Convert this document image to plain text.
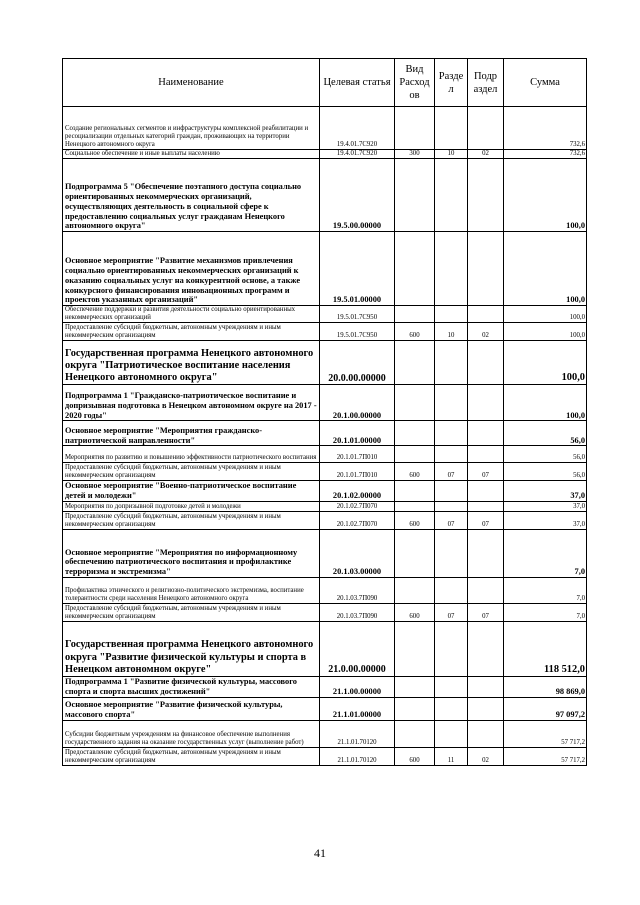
Наименование	Целевая статья	Вид Расход ов	Разде л	Подр аздел	Сумма
Создание региональных сегментов и инфраструктуры комплексной реабилитации и ресоциализации отдельных категорий граждан, проживающих на территории Ненецкого автономного округа	19.4.01.7С920				732,6
Социальное обеспечение и иные выплаты населению	19.4.01.7С920	300	10	02	732,6
Подпрограмма 5 "Обеспечение поэтапного доступа социально ориентированных некоммерческих организаций, осуществляющих деятельность в социальной сфере к предоставлению социальных услуг гражданам Ненецкого автономного округа"	19.5.00.00000				100,0
Основное мероприятие "Развитие механизмов привлечения социально ориентированных некоммерческих организаций к оказанию социальных услуг на конкурентной основе, а также конкурсного финансирования инновационных программ и проектов указанных организаций"	19.5.01.00000				100,0
Обеспечение поддержки и развития деятельности социально ориентированных некоммерческих организаций	19.5.01.7С950				100,0
Предоставление субсидий бюджетным, автономным учреждениям и иным некоммерческим организациям	19.5.01.7С950	600	10	02	100,0
Государственная программа Ненецкого автономного округа "Патриотическое воспитание населения Ненецкого автономного округа"	20.0.00.00000				100,0
Подпрограмма 1 "Гражданско-патриотическое воспитание и допризывная подготовка в Ненецком автономном округе на 2017 - 2020 годы"	20.1.00.00000				100,0
Основное мероприятие "Мероприятия гражданско-патриотической направленности"	20.1.01.00000				56,0
Мероприятия по развитию и повышению эффективности патриотического воспитания	20.1.01.7П010				56,0
Предоставление субсидий бюджетным, автономным учреждениям и иным некоммерческим организациям	20.1.01.7П010	600	07	07	56,0
Основное мероприятие "Военно-патриотическое воспитание детей и молодежи"	20.1.02.00000				37,0
Мероприятия по допризывной подготовке детей и молодежи	20.1.02.7П070				37,0
Предоставление субсидий бюджетным, автономным учреждениям и иным некоммерческим организациям	20.1.02.7П070	600	07	07	37,0
Основное мероприятие "Мероприятия по информационному обеспечению патриотического воспитания и профилактике терроризма и экстремизма"	20.1.03.00000				7,0
Профилактика этнического и религиозно-политического экстремизма, воспитание толерантности среди населения Ненецкого автономного округа	20.1.03.7П090				7,0
Предоставление субсидий бюджетным, автономным учреждениям и иным некоммерческим организациям	20.1.03.7П090	600	07	07	7,0
Государственная программа Ненецкого автономного округа "Развитие физической культуры и спорта в Ненецком автономном округе"	21.0.00.00000				118 512,0
Подпрограмма 1 "Развитие физической культуры, массового спорта и спорта высших достижений"	21.1.00.00000				98 869,0
Основное мероприятие "Развитие физической культуры, массового спорта"	21.1.01.00000				97 097,2
Субсидии бюджетным учреждениям на финансовое обеспечение выполнения государственного задания на оказание государственных услуг (выполнение работ)	21.1.01.70120				57 717,2
Предоставление субсидий бюджетным, автономным учреждениям и иным некоммерческим организациям	21.1.01.70120	600	11	02	57 717,2
41
